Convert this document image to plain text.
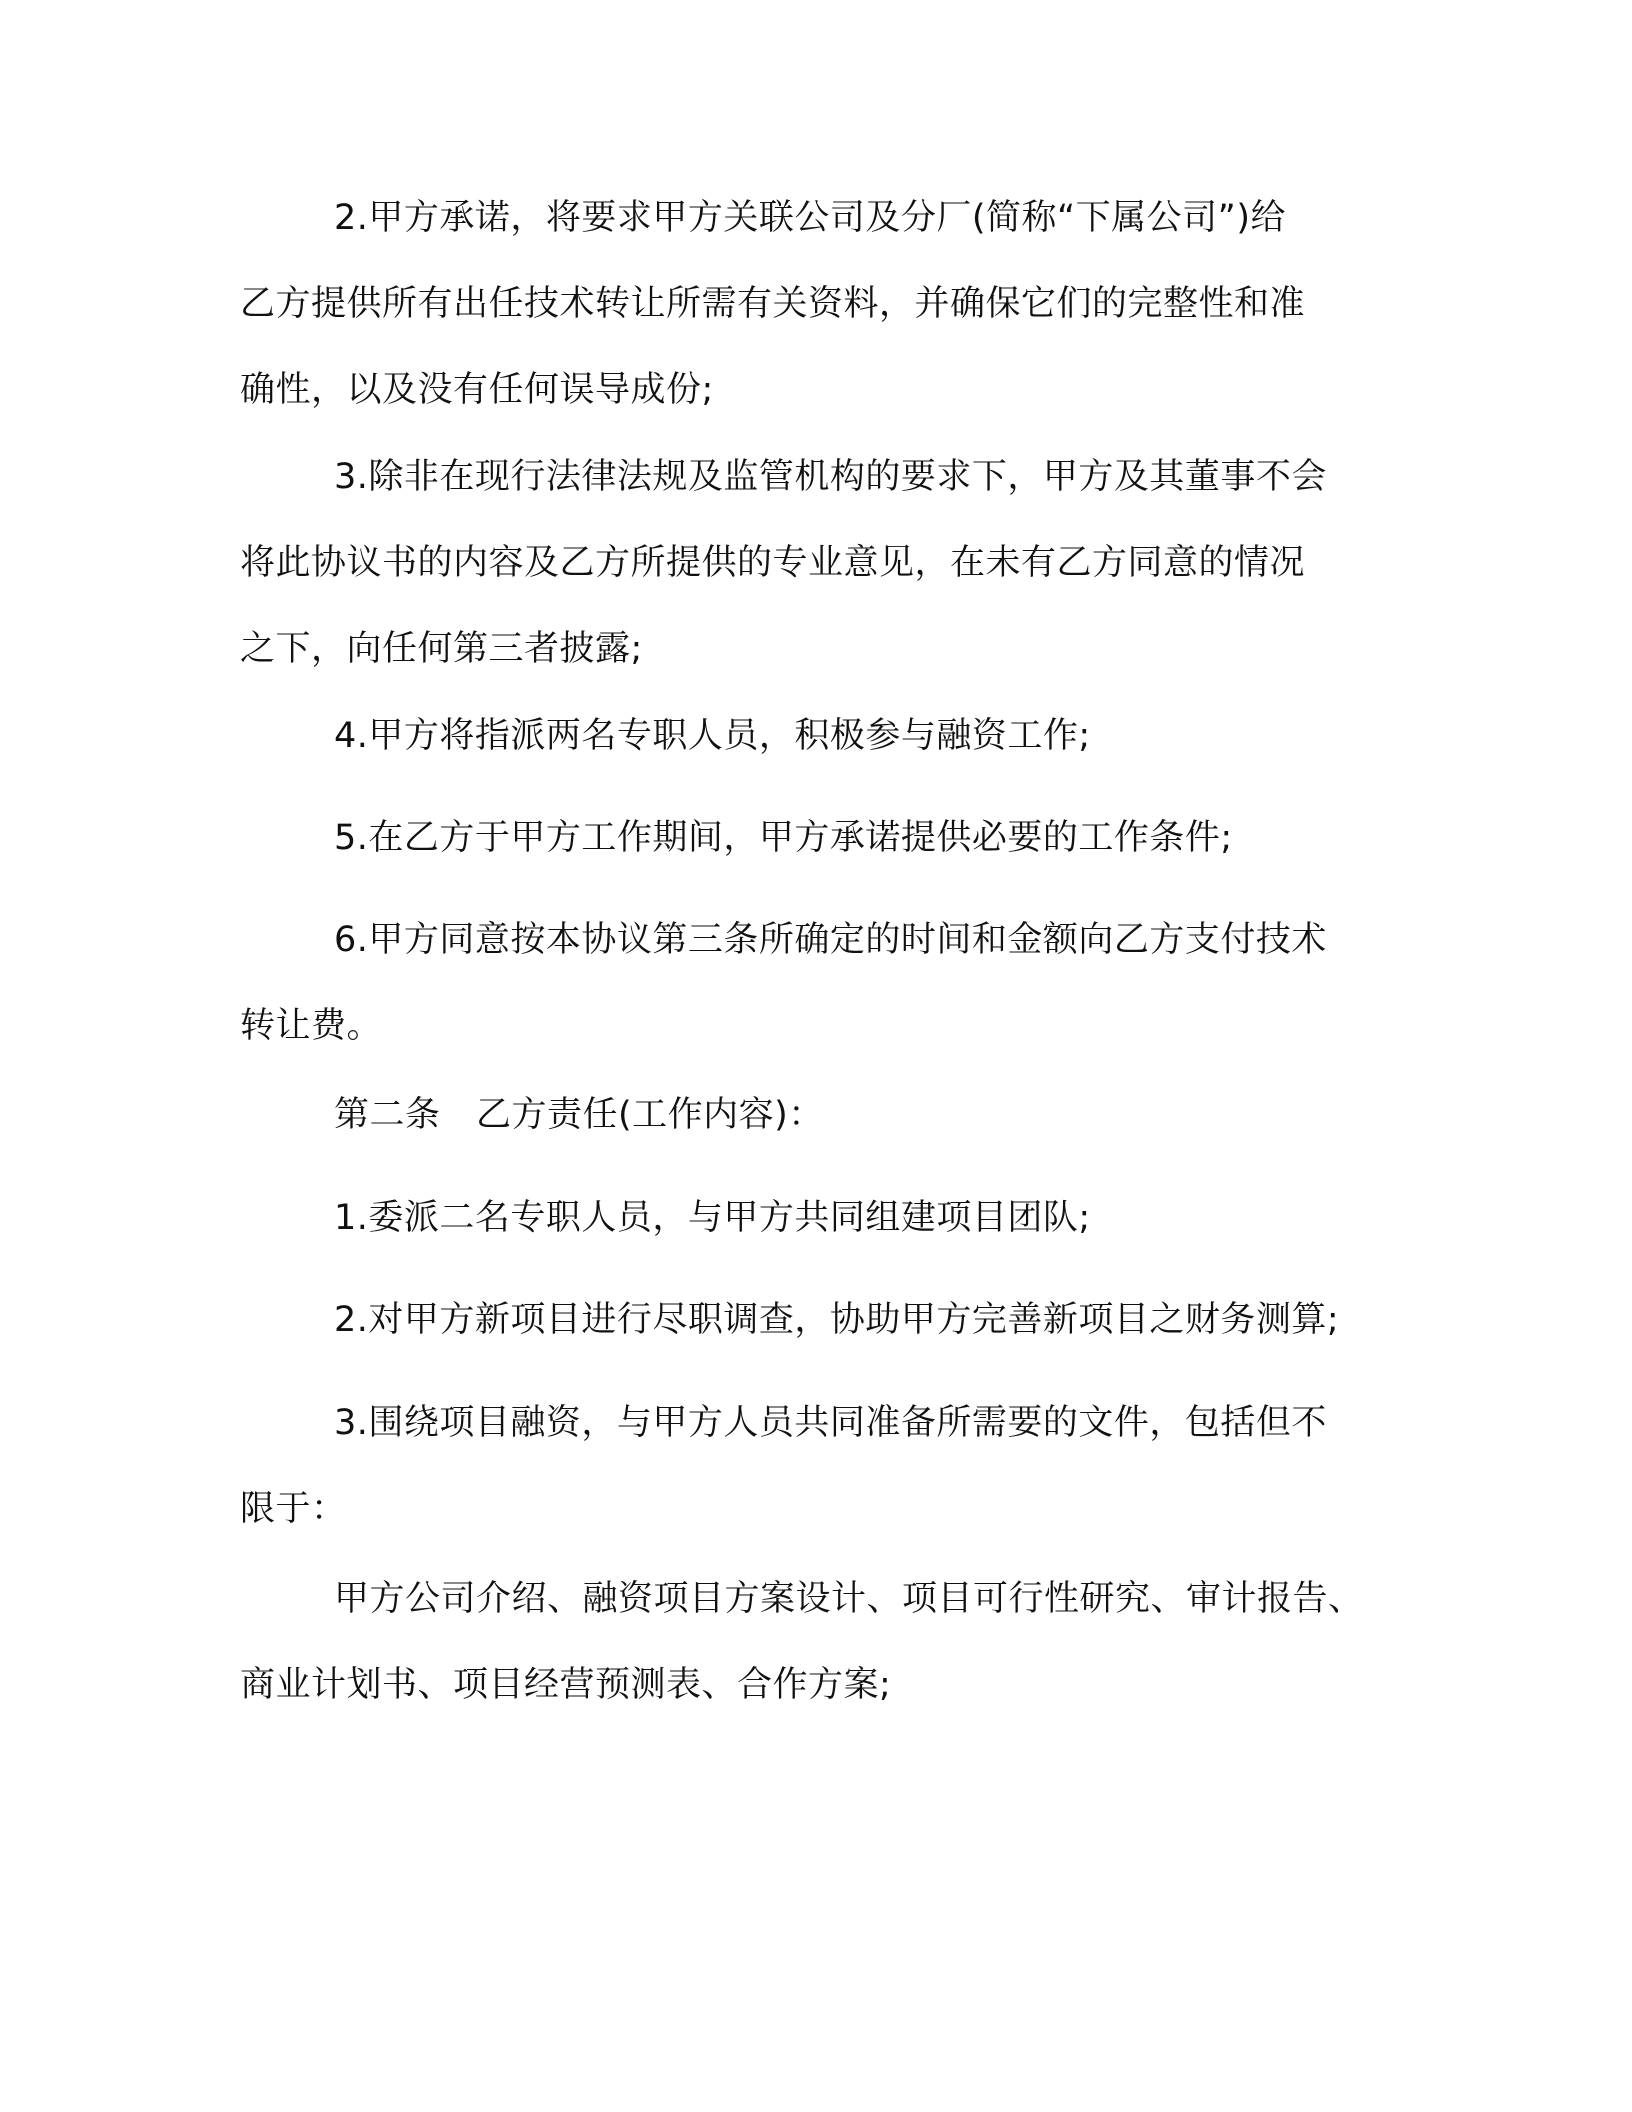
2.甲方承诺，将要求甲方关联公司及分厂(简称“下属公司”)给
乙方提供所有出任技术转让所需有关资料，并确保它们的完整性和准
确性，以及没有任何误导成份;
3.除非在现行法律法规及监管机构的要求下，甲方及其董事不会
将此协议书的内容及乙方所提供的专业意见，在未有乙方同意的情况
之下，向任何第三者披露;
4.甲方将指派两名专职人员，积极参与融资工作;
5.在乙方于甲方工作期间，甲方承诺提供必要的工作条件;
6.甲方同意按本协议第三条所确定的时间和金额向乙方支付技术
转让费。
第二条　乙方责任(工作内容)：
1.委派二名专职人员，与甲方共同组建项目团队;
2.对甲方新项目进行尽职调查，协助甲方完善新项目之财务测算;
3.围绕项目融资，与甲方人员共同准备所需要的文件，包括但不
限于：
甲方公司介绍、融资项目方案设计、项目可行性研究、审计报告、
商业计划书、项目经营预测表、合作方案;
